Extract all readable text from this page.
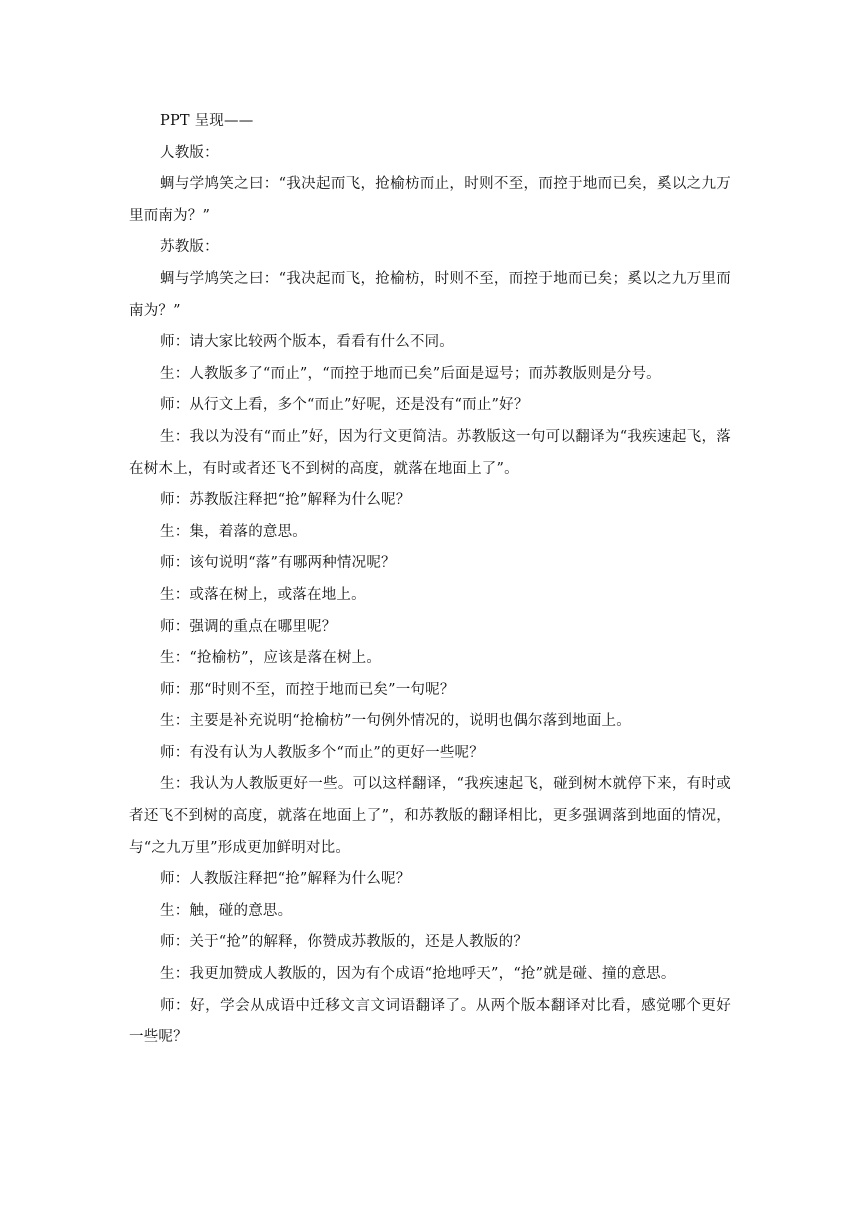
PPT 呈现——

人教版：

蜩与学鸠笑之曰：“我决起而飞，抢榆枋而止，时则不至，而控于地而已矣，奚以之九万里而南为？”

苏教版：

蜩与学鸠笑之曰：“我决起而飞，抢榆枋，时则不至，而控于地而已矣；奚以之九万里而南为？”

师：请大家比较两个版本，看看有什么不同。

生：人教版多了“而止”，“而控于地而已矣”后面是逗号；而苏教版则是分号。

师：从行文上看，多个“而止”好呢，还是没有“而止”好？

生：我以为没有“而止”好，因为行文更简洁。苏教版这一句可以翻译为“我疾速起飞，落在树木上，有时或者还飞不到树的高度，就落在地面上了”。

师：苏教版注释把“抢”解释为什么呢？

生：集，着落的意思。

师：该句说明“落”有哪两种情况呢？

生：或落在树上，或落在地上。

师：强调的重点在哪里呢？

生：“抢榆枋”，应该是落在树上。

师：那“时则不至，而控于地而已矣”一句呢？

生：主要是补充说明“抢榆枋”一句例外情况的，说明也偶尔落到地面上。

师：有没有认为人教版多个“而止”的更好一些呢？

生：我认为人教版更好一些。可以这样翻译，“我疾速起飞，碰到树木就停下来，有时或者还飞不到树的高度，就落在地面上了”，和苏教版的翻译相比，更多强调落到地面的情况，与“之九万里”形成更加鲜明对比。

师：人教版注释把“抢”解释为什么呢？

生：触，碰的意思。

师：关于“抢”的解释，你赞成苏教版的，还是人教版的？

生：我更加赞成人教版的，因为有个成语“抢地呼天”，“抢”就是碰、撞的意思。

师：好，学会从成语中迁移文言文词语翻译了。从两个版本翻译对比看，感觉哪个更好一些呢？
